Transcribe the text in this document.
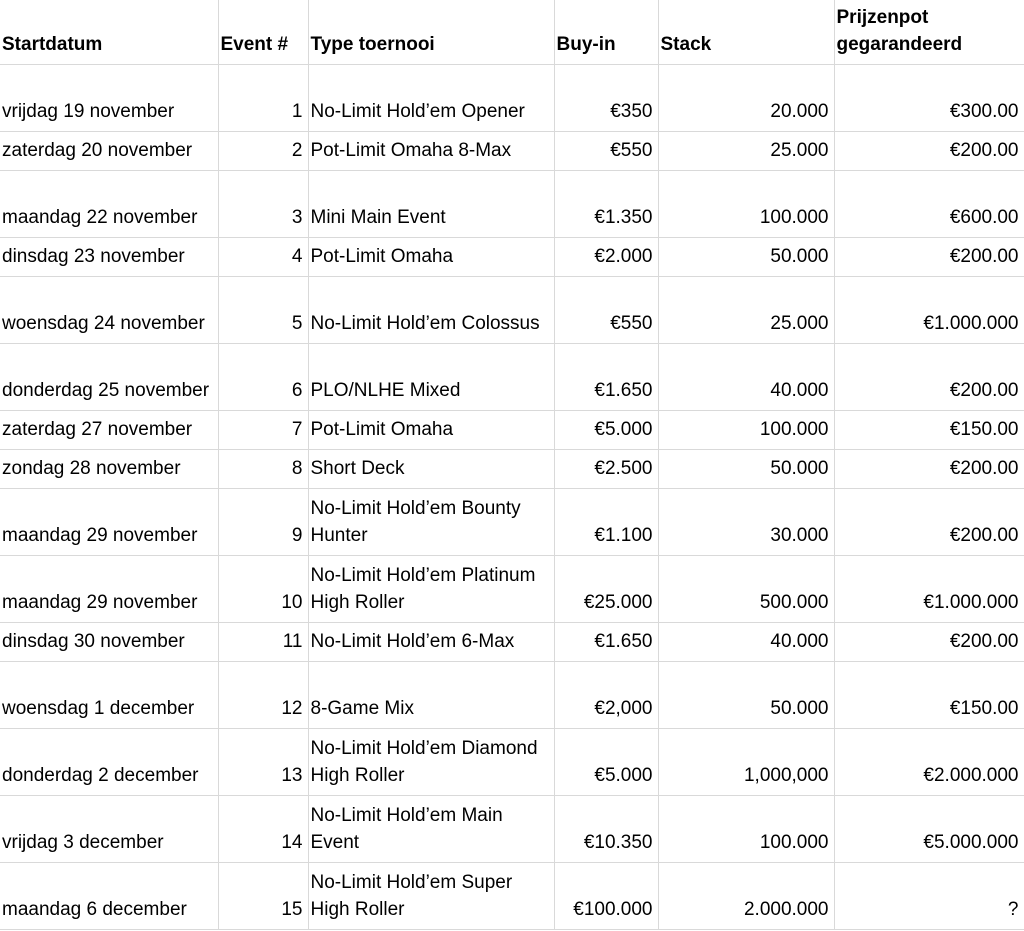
Startdatum	Event #	Type toernooi	Buy-in	Stack	Prijzenpot gegarandeerd
vrijdag 19 november	1	No-Limit Hold’em Opener	€350	20.000	€300.00
zaterdag 20 november	2	Pot-Limit Omaha 8-Max	€550	25.000	€200.00
maandag 22 november	3	Mini Main Event	€1.350	100.000	€600.00
dinsdag 23 november	4	Pot-Limit Omaha	€2.000	50.000	€200.00
woensdag 24 november	5	No-Limit Hold’em Colossus	€550	25.000	€1.000.000
donderdag 25 november	6	PLO/NLHE Mixed	€1.650	40.000	€200.00
zaterdag 27 november	7	Pot-Limit Omaha	€5.000	100.000	€150.00
zondag 28 november	8	Short Deck	€2.500	50.000	€200.00
maandag 29 november	9	No-Limit Hold’em Bounty Hunter	€1.100	30.000	€200.00
maandag 29 november	10	No-Limit Hold’em Platinum High Roller	€25.000	500.000	€1.000.000
dinsdag 30 november	11	No-Limit Hold’em 6-Max	€1.650	40.000	€200.00
woensdag 1 december	12	8-Game Mix	€2,000	50.000	€150.00
donderdag 2 december	13	No-Limit Hold’em Diamond High Roller	€5.000	1,000,000	€2.000.000
vrijdag 3 december	14	No-Limit Hold’em Main Event	€10.350	100.000	€5.000.000
maandag 6 december	15	No-Limit Hold’em Super High Roller	€100.000	2.000.000	?
